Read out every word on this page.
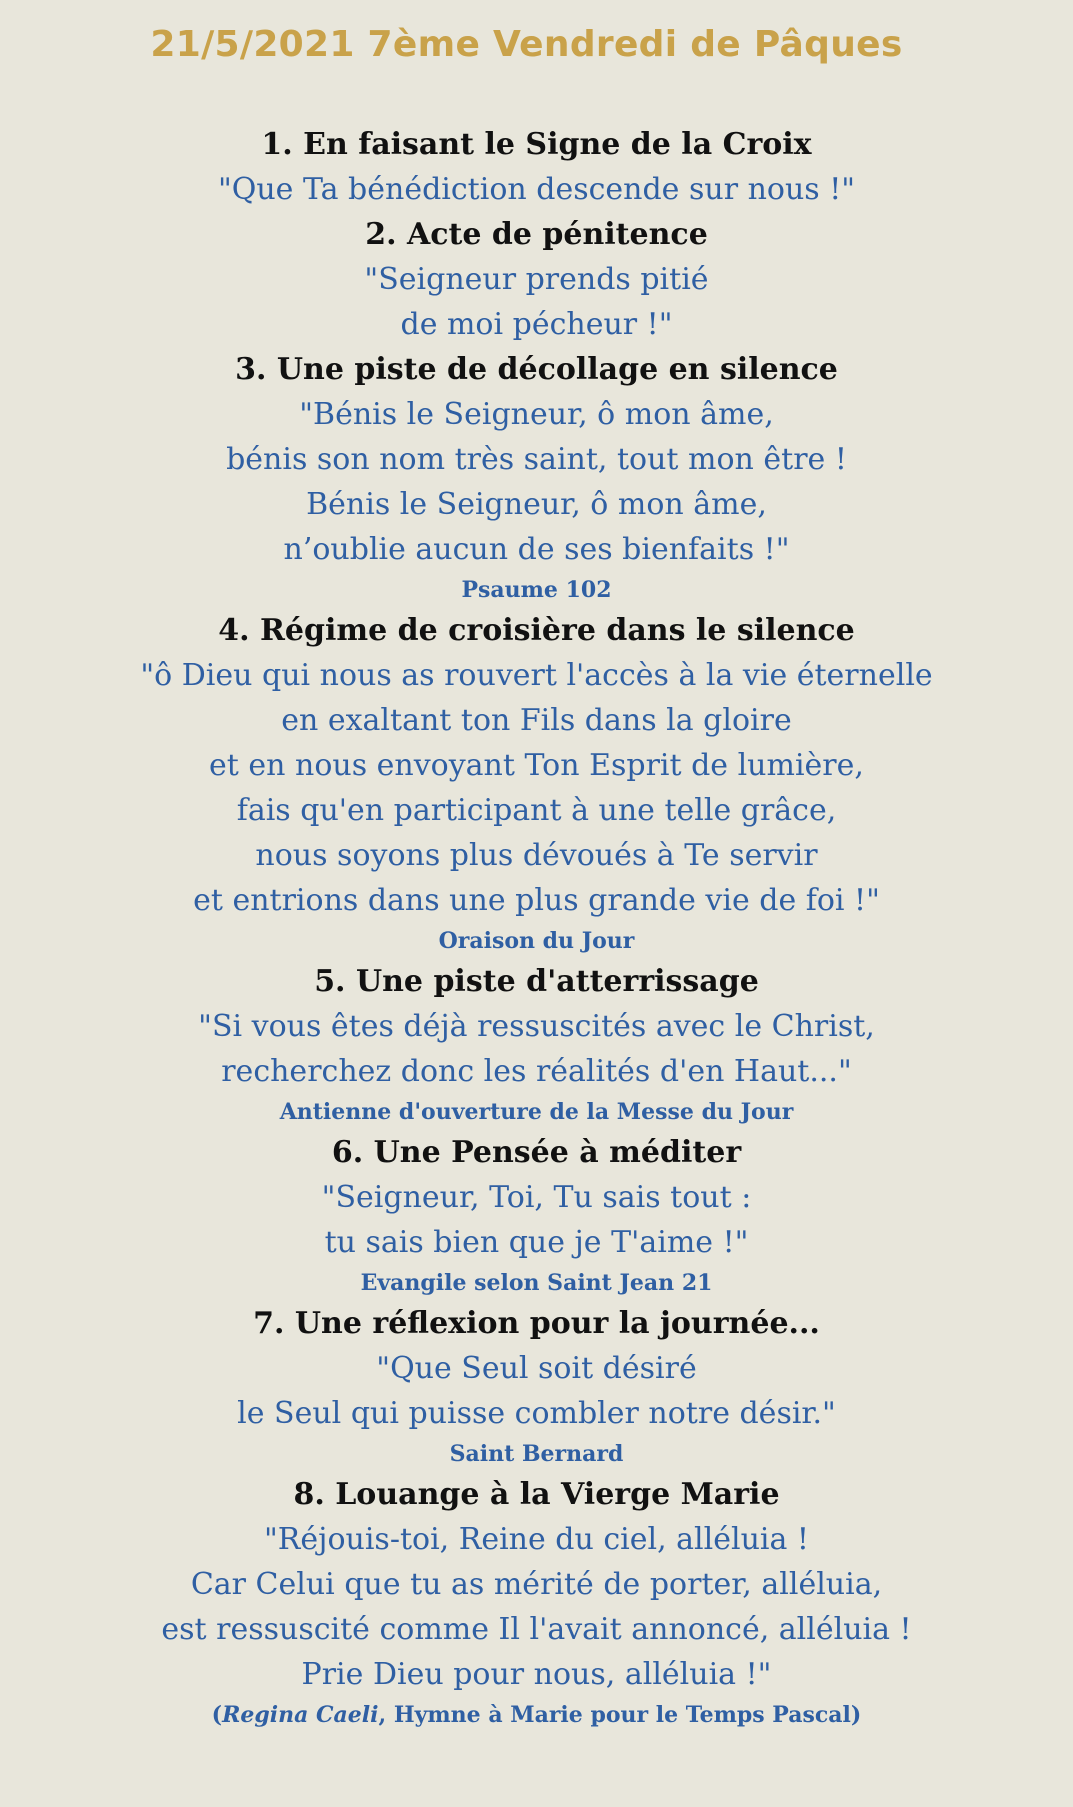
21/5/2021 7ème Vendredi de Pâques
1. En faisant le Signe de la Croix
"Que Ta bénédiction descende sur nous !"
2. Acte de pénitence
"Seigneur prends pitié
de moi pécheur !"
3. Une piste de décollage en silence
"Bénis le Seigneur, ô mon âme,
bénis son nom très saint, tout mon être !
Bénis le Seigneur, ô mon âme,
n’oublie aucun de ses bienfaits !"
Psaume 102
4. Régime de croisière dans le silence
"ô Dieu qui nous as rouvert l'accès à la vie éternelle
en exaltant ton Fils dans la gloire
et en nous envoyant Ton Esprit de lumière,
fais qu'en participant à une telle grâce,
nous soyons plus dévoués à Te servir
et entrions dans une plus grande vie de foi !"
Oraison du Jour
5. Une piste d'atterrissage
"Si vous êtes déjà ressuscités avec le Christ,
recherchez donc les réalités d'en Haut..."
Antienne d'ouverture de la Messe du Jour
6. Une Pensée à méditer
"Seigneur, Toi, Tu sais tout :
tu sais bien que je T'aime !"
Evangile selon Saint Jean 21
7. Une réflexion pour la journée...
"Que Seul soit désiré
le Seul qui puisse combler notre désir."
Saint Bernard
8. Louange à la Vierge Marie
"Réjouis-toi, Reine du ciel, alléluia !
Car Celui que tu as mérité de porter, alléluia,
est ressuscité comme Il l'avait annoncé, alléluia !
Prie Dieu pour nous, alléluia !"
(Regina Caeli, Hymne à Marie pour le Temps Pascal)
